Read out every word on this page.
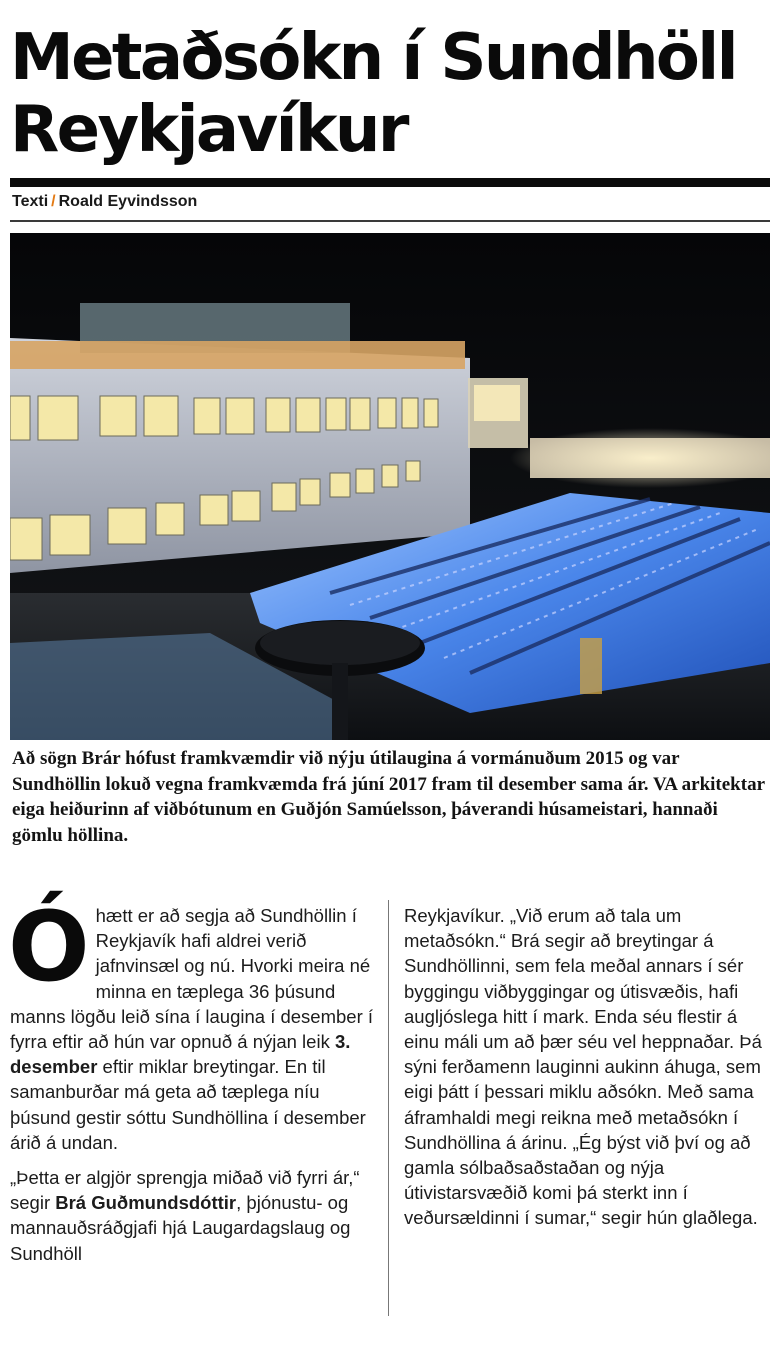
Metaðsókn í Sundhöll Reykjavíkur
Texti / Roald Eyvindsson

Að sögn Brár hófust framkvæmdir við nýju útilaugina á vormánuðum 2015 og var Sundhöllin lokuð vegna framkvæmda frá júní 2017 fram til desember sama ár. VA arkitektar eiga heiðurinn af viðbótunum en Guðjón Samúelsson, þáverandi húsameistari, hannaði gömlu höllina.

Óhætt er að segja að Sundhöllin í Reykjavík hafi aldrei verið jafnvinsæl og nú. Hvorki meira né minna en tæplega 36 þúsund manns lögðu leið sína í laugina í desember í fyrra eftir að hún var opnuð á nýjan leik 3. desember eftir miklar breytingar. En til samanburðar má geta að tæplega níu þúsund gestir sóttu Sundhöllina í desember árið á undan.

„Þetta er algjör sprengja miðað við fyrri ár,“ segir Brá Guðmundsdóttir, þjónustu- og mannauðsráðgjafi hjá Laugardagslaug og Sundhöll

Reykjavíkur. „Við erum að tala um metaðsókn.“ Brá segir að breytingar á Sundhöllinni, sem fela meðal annars í sér byggingu viðbyggingar og útisvæðis, hafi augljóslega hitt í mark. Enda séu flestir á einu máli um að þær séu vel heppnaðar. Þá sýni ferðamenn lauginni aukinn áhuga, sem eigi þátt í þessari miklu aðsókn. Með sama áframhaldi megi reikna með metaðsókn í Sundhöllina á árinu. „Ég býst við því og að gamla sólbaðsaðstaðan og nýja útivistarsvæðið komi þá sterkt inn í veðursældinni í sumar,“ segir hún glaðlega.
